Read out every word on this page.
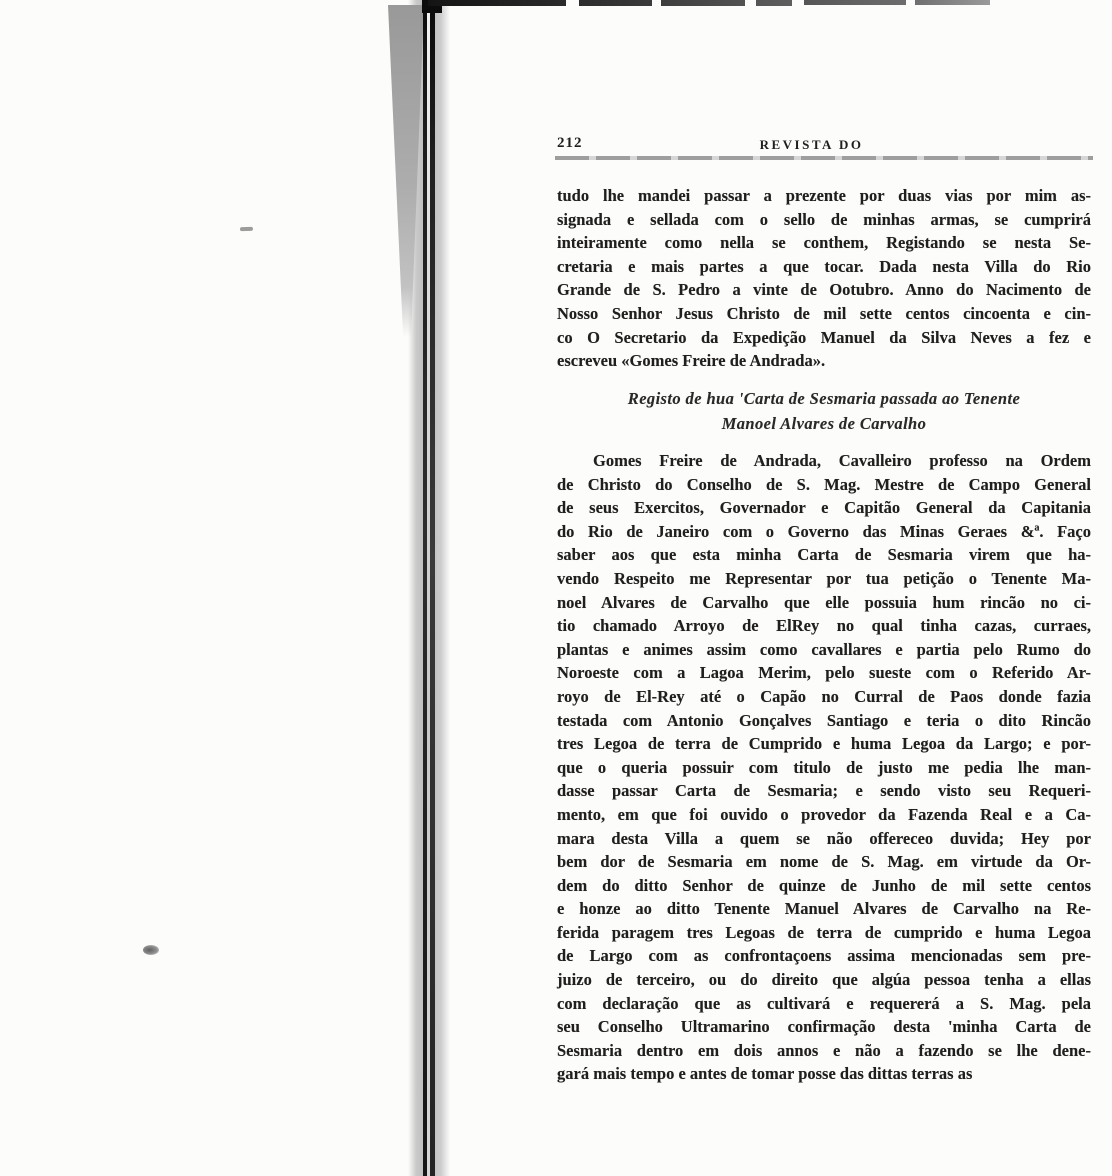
212	REVISTA DO
tudo lhe mandei passar a prezente por duas vias por mim as-
signada e sellada com o sello de minhas armas, se cumprirá
inteiramente como nella se conthem, Registando se nesta Se-
cretaria e mais partes a que tocar. Dada nesta Villa do Rio
Grande de S. Pedro a vinte de Ootubro. Anno do Nacimento de
Nosso Senhor Jesus Christo de mil sette centos cincoenta e cin-
co O Secretario da Expedição Manuel da Silva Neves a fez e
escreveu «Gomes Freire de Andrada».
Registo de hua 'Carta de Sesmaria passada ao Tenente
Manoel Alvares de Carvalho
Gomes Freire de Andrada, Cavalleiro professo na Ordem
de Christo do Conselho de S. Mag. Mestre de Campo General
de seus Exercitos, Governador e Capitão General da Capitania
do Rio de Janeiro com o Governo das Minas Geraes &ª. Faço
saber aos que esta minha Carta de Sesmaria virem que ha-
vendo Respeito me Representar por tua petição o Tenente Ma-
noel Alvares de Carvalho que elle possuia hum rincão no ci-
tio chamado Arroyo de ElRey no qual tinha cazas, curraes,
plantas e animes assim como cavallares e partia pelo Rumo do
Noroeste com a Lagoa Merim, pelo sueste com o Referido Ar-
royo de El-Rey até o Capão no Curral de Paos donde fazia
testada com Antonio Gonçalves Santiago e teria o dito Rincão
tres Legoa de terra de Cumprido e huma Legoa da Largo; e por-
que o queria possuir com titulo de justo me pedia lhe man-
dasse passar Carta de Sesmaria; e sendo visto seu Requeri-
mento, em que foi ouvido o provedor da Fazenda Real e a Ca-
mara desta Villa a quem se não offereceo duvida; Hey por
bem dor de Sesmaria em nome de S. Mag. em virtude da Or-
dem do ditto Senhor de quinze de Junho de mil sette centos
e honze ao ditto Tenente Manuel Alvares de Carvalho na Re-
ferida paragem tres Legoas de terra de cumprido e huma Legoa
de Largo com as confrontaçoens assima mencionadas sem pre-
juizo de terceiro, ou do direito que algúa pessoa tenha a ellas
com declaração que as cultivará e requererá a S. Mag. pela
seu Conselho Ultramarino confirmação desta 'minha Carta de
Sesmaria dentro em dois annos e não a fazendo se lhe dene-
gará mais tempo e antes de tomar posse das dittas terras as
